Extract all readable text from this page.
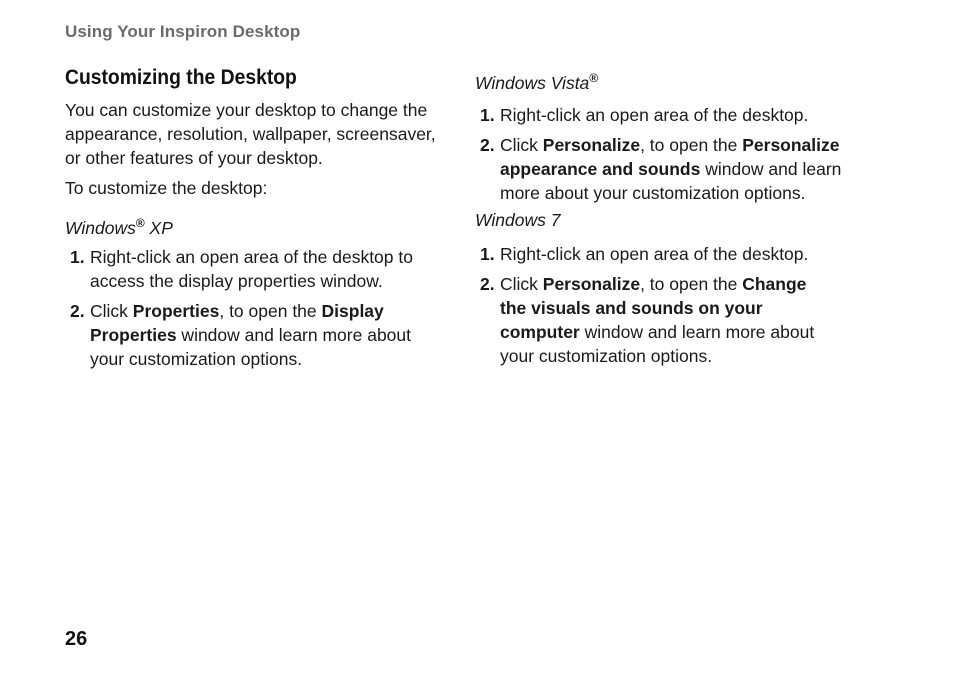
Using Your Inspiron Desktop
Customizing the Desktop
You can customize your desktop to change the appearance, resolution, wallpaper, screensaver, or other features of your desktop.
To customize the desktop:
Windows® XP
1. Right-click an open area of the desktop to access the display properties window.
2. Click Properties, to open the Display Properties window and learn more about your customization options.
Windows Vista®
1. Right-click an open area of the desktop.
2. Click Personalize, to open the Personalize appearance and sounds window and learn more about your customization options.
Windows 7
1. Right-click an open area of the desktop.
2. Click Personalize, to open the Change the visuals and sounds on your computer window and learn more about your customization options.
26
